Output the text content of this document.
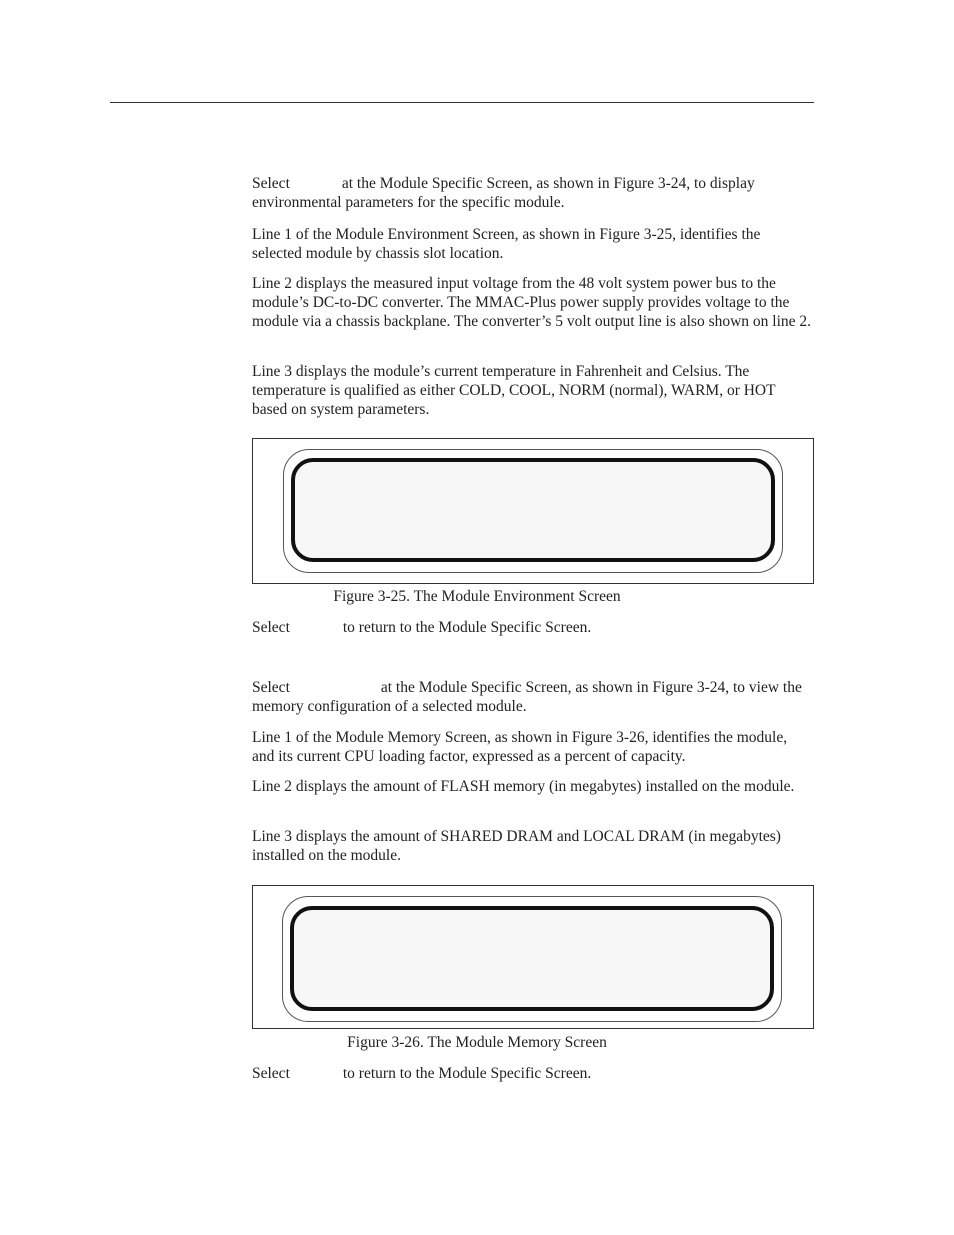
Select	at the Module Specific Screen, as shown in Figure 3-24, to display environmental parameters for the specific module.

Line 1 of the Module Environment Screen, as shown in Figure 3-25, identifies the selected module by chassis slot location.

Line 2 displays the measured input voltage from the 48 volt system power bus to the module’s DC-to-DC converter. The MMAC-Plus power supply provides voltage to the module via a chassis backplane. The converter’s 5 volt output line is also shown on line 2.

Line 3 displays the module’s current temperature in Fahrenheit and Celsius. The temperature is qualified as either COLD, COOL, NORM (normal), WARM, or HOT based on system parameters.

Figure 3-25. The Module Environment Screen
Select	to return to the Module Specific Screen.
Select	at the Module Specific Screen, as shown in Figure 3-24, to view the memory configuration of a selected module.

Line 1 of the Module Memory Screen, as shown in Figure 3-26, identifies the module, and its current CPU loading factor, expressed as a percent of capacity.

Line 2 displays the amount of FLASH memory (in megabytes) installed on the module.

Line 3 displays the amount of SHARED DRAM and LOCAL DRAM (in megabytes) installed on the module.

Figure 3-26. The Module Memory Screen
Select	to return to the Module Specific Screen.
